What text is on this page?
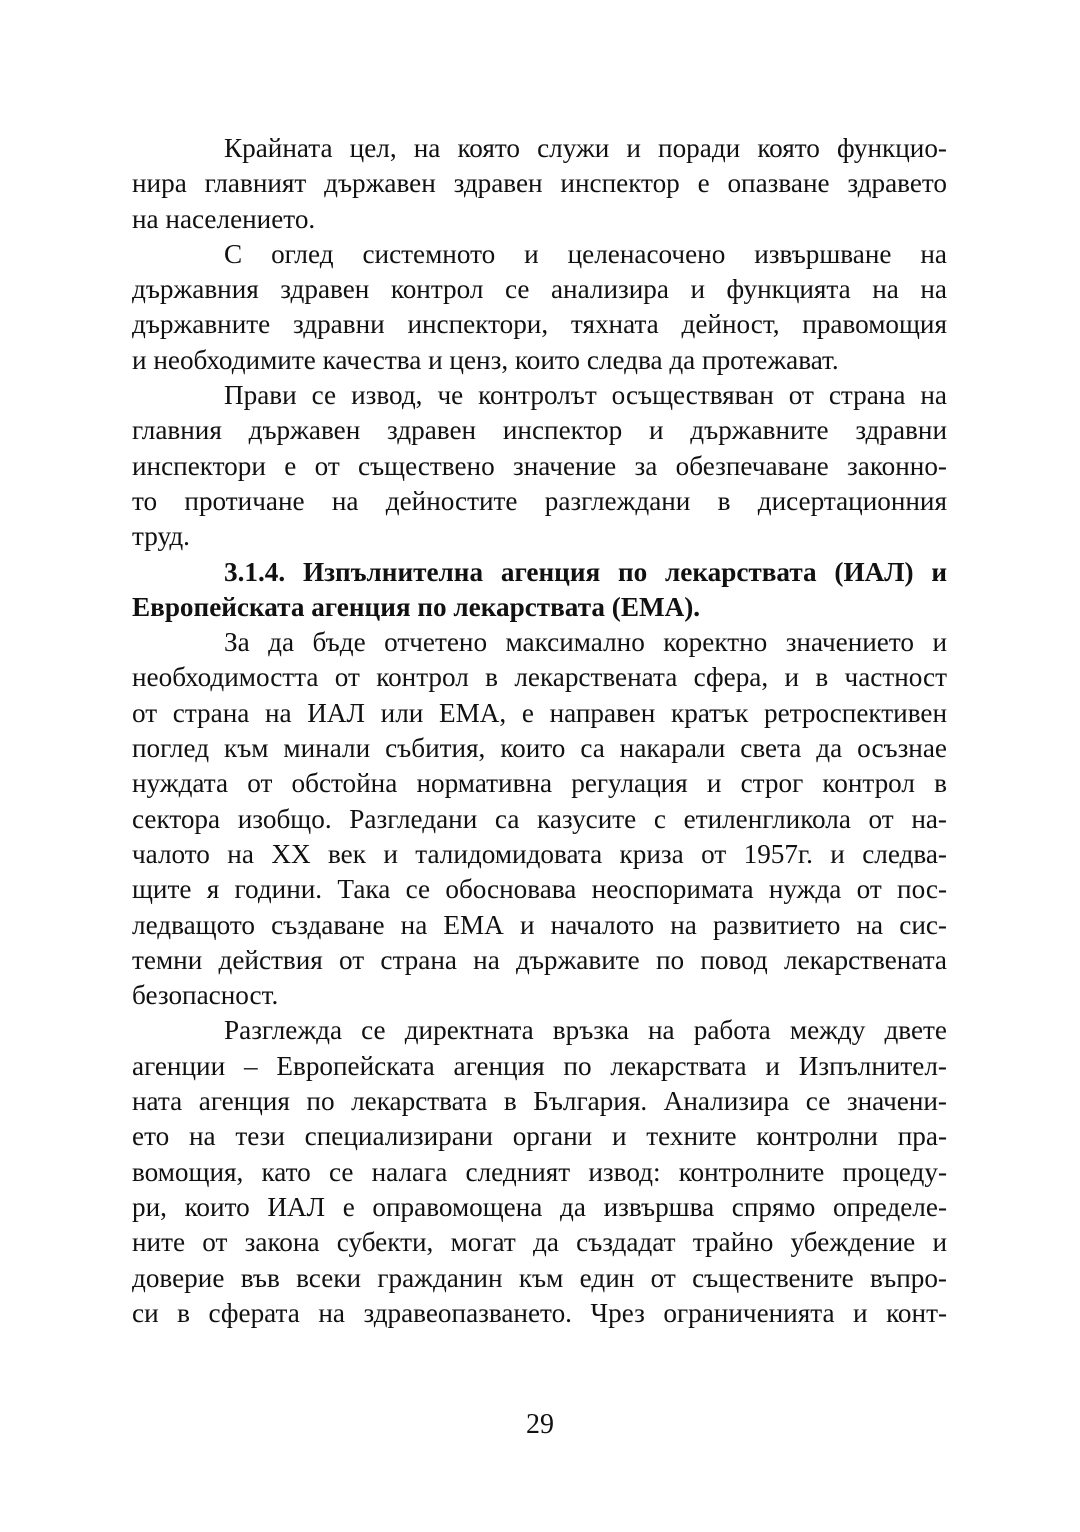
Крайната цел, на която служи и поради която функцио-
нира главният държавен здравен инспектор е опазване здравето
на населението.
С оглед системното и целенасочено извършване на
държавния здравен контрол се анализира и функцията на на
държавните здравни инспектори, тяхната дейност, правомощия
и необходимите качества и ценз, които следва да протежават.
Прави се извод, че контролът осъществяван от страна на
главния държавен здравен инспектор и държавните здравни
инспектори е от съществено значение за обезпечаване законно-
то протичане на дейностите разглеждани в дисертационния
труд.
3.1.4. Изпълнителна агенция по лекарствата (ИАЛ) и
Европейската агенция по лекарствата (ЕМА).
За да бъде отчетено максимално коректно значението и
необходимостта от контрол в лекарствената сфера, и в частност
от страна на ИАЛ или ЕМА, е направен кратък ретроспективен
поглед към минали събития, които са накарали света да осъзнае
нуждата от обстойна нормативна регулация и строг контрол в
сектора изобщо. Разгледани са казусите с етиленгликола от на-
чалото на XX век и талидомидовата криза от 1957г. и следва-
щите я години. Така се обосновава неоспоримата нужда от пос-
ледващото създаване на ЕМА и началото на развитието на сис-
темни действия от страна на държавите по повод лекарствената
безопасност.
Разглежда се директната връзка на работа между двете
агенции – Европейската агенция по лекарствата и Изпълнител-
ната агенция по лекарствата в България. Анализира се значени-
ето на тези специализирани органи и техните контролни пра-
вомощия, като се налага следният извод: контролните процеду-
ри, които ИАЛ е оправомощена да извършва спрямо определе-
ните от закона субекти, могат да създадат трайно убеждение и
доверие във всеки гражданин към един от съществените въпро-
си в сферата на здравеопазването. Чрез ограниченията и конт-
29
